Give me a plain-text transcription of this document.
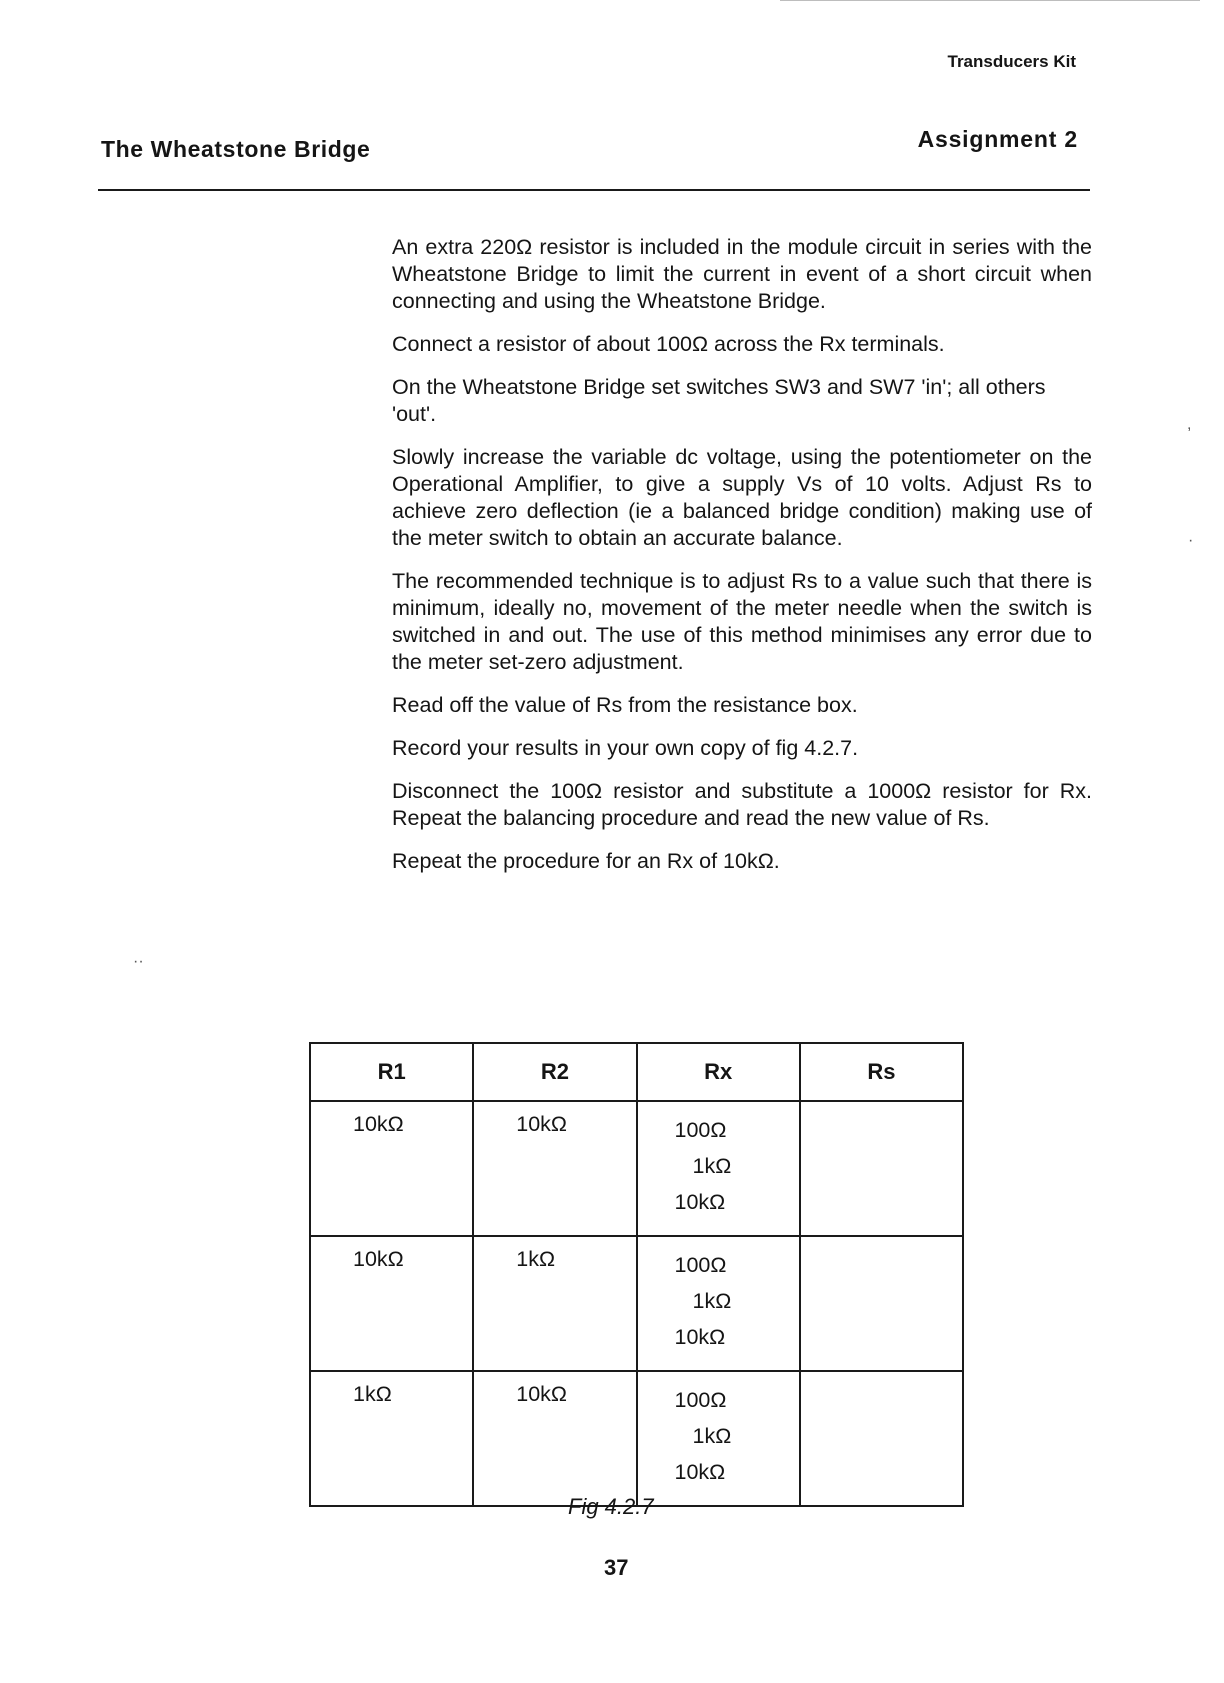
Transducers Kit
The Wheatstone Bridge	Assignment 2

An extra 220Ω resistor is included in the module circuit in series with the Wheatstone Bridge to limit the current in event of a short circuit when connecting and using the Wheatstone Bridge.

Connect a resistor of about 100Ω across the Rx terminals.

On the Wheatstone Bridge set switches SW3 and SW7 'in'; all others 'out'.

Slowly increase the variable dc voltage, using the potentiometer on the Operational Amplifier, to give a supply Vs of 10 volts. Adjust Rs to achieve zero deflection (ie a balanced bridge condition) making use of the meter switch to obtain an accurate balance.

The recommended technique is to adjust Rs to a value such that there is minimum, ideally no, movement of the meter needle when the switch is switched in and out. The use of this method minimises any error due to the meter set-zero adjustment.

Read off the value of Rs from the resistance box.

Record your results in your own copy of fig 4.2.7.

Disconnect the 100Ω resistor and substitute a 1000Ω resistor for Rx. Repeat the balancing procedure and read the new value of Rs.

Repeat the procedure for an Rx of 10kΩ.

R1	R2	Rx	Rs
10kΩ	10kΩ	100Ω
1kΩ
10kΩ	

10kΩ	1kΩ	100Ω
1kΩ
10kΩ	

1kΩ	10kΩ	100Ω
1kΩ
10kΩ	

Fig 4.2.7
37
,
·
··
